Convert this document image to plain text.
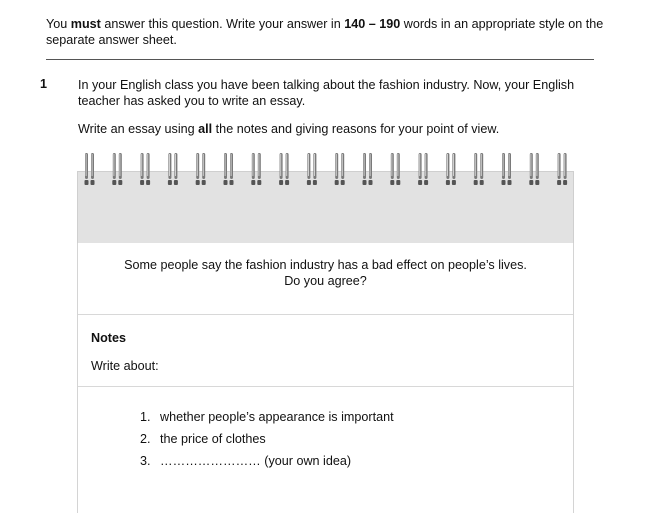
You must answer this question. Write your answer in 140 – 190 words in an appropriate style on the separate answer sheet.
1 In your English class you have been talking about the fashion industry. Now, your English teacher has asked you to write an essay.
Write an essay using all the notes and giving reasons for your point of view.
Some people say the fashion industry has a bad effect on people’s lives.
Do you agree?
Notes
Write about:
1. whether people’s appearance is important
2. the price of clothes
3. …………………… (your own idea)
